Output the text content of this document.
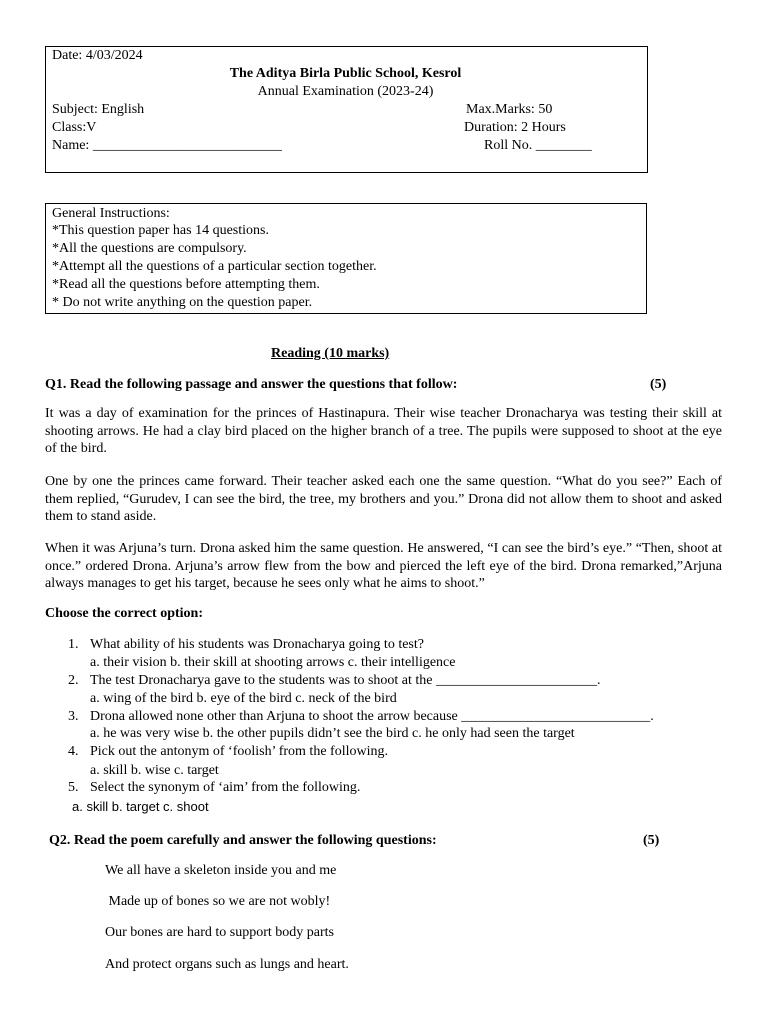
Date: 4/03/2024
The Aditya Birla Public School, Kesrol
Annual Examination (2023-24)
Subject: English	Max.Marks: 50
Class:V	Duration: 2 Hours
Name: ___________________________	Roll No. ________
General Instructions:
*This question paper has 14 questions.
*All the questions are compulsory.
*Attempt all the questions of a particular section together.
*Read all the questions before attempting them.
* Do not write anything on the question paper.
Reading (10 marks)
Q1. Read the following passage and answer the questions that follow:	(5)
It was a day of examination for the princes of Hastinapura. Their wise teacher Dronacharya was testing their skill at shooting arrows. He had a clay bird placed on the higher branch of a tree. The pupils were supposed to shoot at the eye of the bird.
One by one the princes came forward. Their teacher asked each one the same question. “What do you see?” Each of them replied, “Gurudev, I can see the bird, the tree, my brothers and you.” Drona did not allow them to shoot and asked them to stand aside.
When it was Arjuna’s turn. Drona asked him the same question. He answered, “I can see the bird’s eye.” “Then, shoot at once.” ordered Drona. Arjuna’s arrow flew from the bow and pierced the left eye of the bird. Drona remarked,”Arjuna always manages to get his target, because he sees only what he aims to shoot.”
Choose the correct option:
1. What ability of his students was Dronacharya going to test?
a. their vision b. their skill at shooting arrows c. their intelligence
2. The test Dronacharya gave to the students was to shoot at the _______________________.
a. wing of the bird b. eye of the bird c. neck of the bird
3. Drona allowed none other than Arjuna to shoot the arrow because ___________________________.
a. he was very wise b. the other pupils didn’t see the bird c. he only had seen the target
4. Pick out the antonym of ‘foolish’ from the following.
a. skill b. wise c. target
5. Select the synonym of ‘aim’ from the following.
a. skill b. target c. shoot
Q2. Read the poem carefully and answer the following questions:	(5)
We all have a skeleton inside you and me
Made up of bones so we are not wobly!
Our bones are hard to support body parts
And protect organs such as lungs and heart.
